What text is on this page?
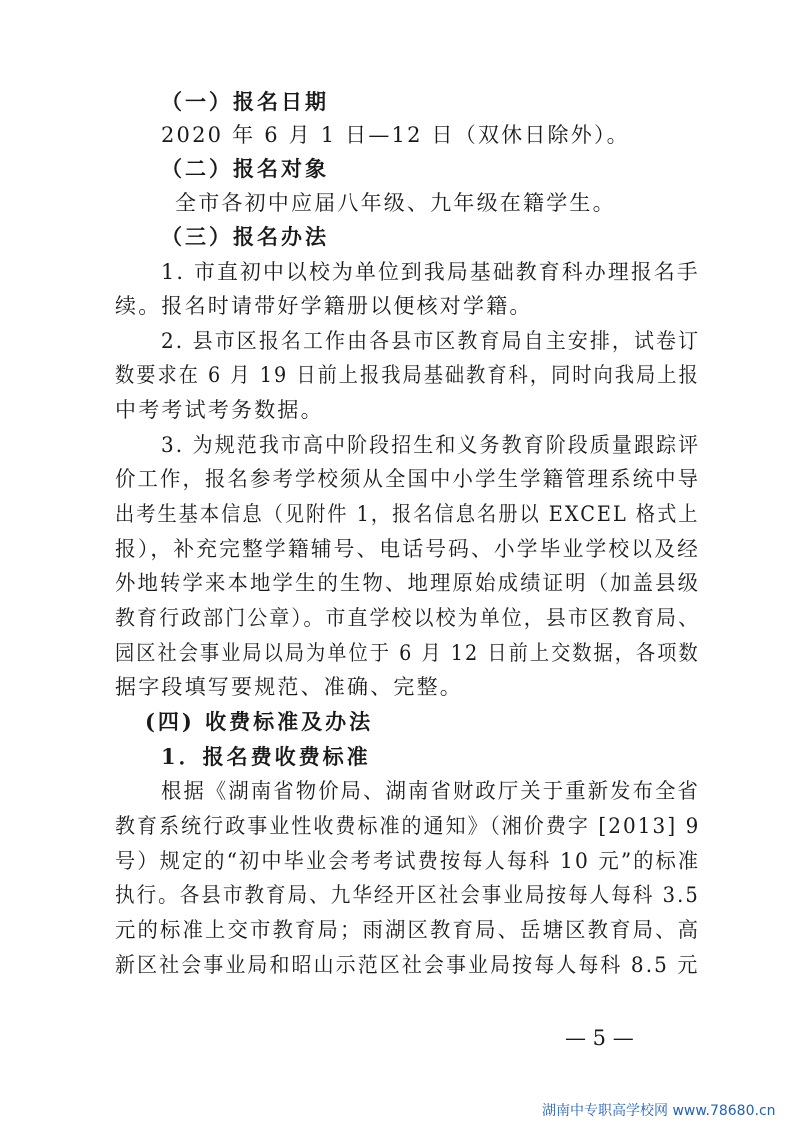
（一）报名日期
2020 年 6 月 1 日—12 日（双休日除外）。
（二）报名对象
全市各初中应届八年级、九年级在籍学生。
（三）报名办法
1. 市直初中以校为单位到我局基础教育科办理报名手
续。报名时请带好学籍册以便核对学籍。
2. 县市区报名工作由各县市区教育局自主安排，试卷订
数要求在 6 月 19 日前上报我局基础教育科，同时向我局上报
中考考试考务数据。
3. 为规范我市高中阶段招生和义务教育阶段质量跟踪评
价工作，报名参考学校须从全国中小学生学籍管理系统中导
出考生基本信息（见附件 1，报名信息名册以 EXCEL 格式上
报），补充完整学籍辅号、电话号码、小学毕业学校以及经
外地转学来本地学生的生物、地理原始成绩证明（加盖县级
教育行政部门公章）。市直学校以校为单位，县市区教育局、
园区社会事业局以局为单位于 6 月 12 日前上交数据，各项数
据字段填写要规范、准确、完整。
(四) 收费标准及办法
1．报名费收费标准
根据《湖南省物价局、湖南省财政厅关于重新发布全省
教育系统行政事业性收费标准的通知》（湘价费字 [2013] 9
号）规定的“初中毕业会考考试费按每人每科 10 元”的标准
执行。各县市教育局、九华经开区社会事业局按每人每科 3.5
元的标准上交市教育局；雨湖区教育局、岳塘区教育局、高
新区社会事业局和昭山示范区社会事业局按每人每科 8.5 元
— 5 —
湖南中专职高学校网 www.78680.cn
